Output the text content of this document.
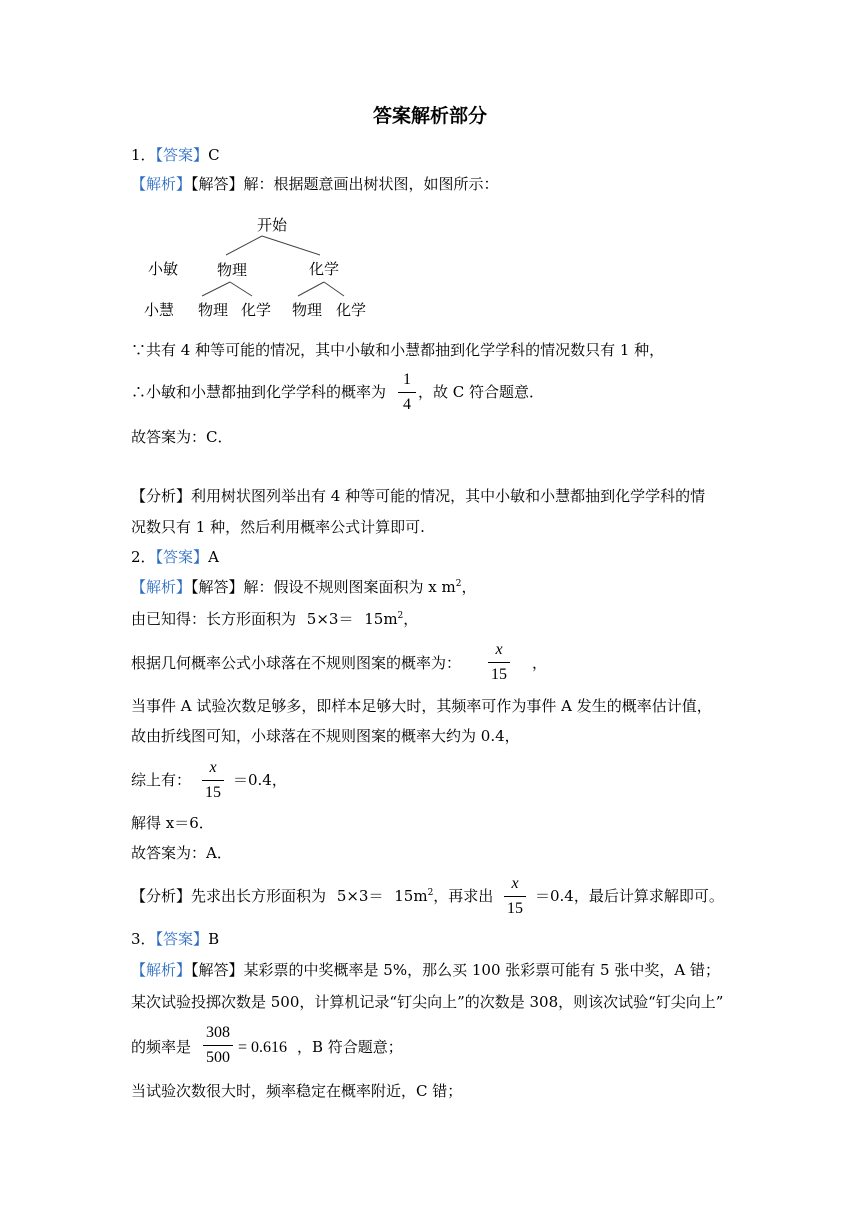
答案解析部分
1．【答案】C
【解析】【解答】解：根据题意画出树状图，如图所示：
开始
小敏	物理	化学
小慧 物理 化学 物理 化学
∵共有 4 种等可能的情况，其中小敏和小慧都抽到化学学科的情况数只有 1 种，
∴小敏和小慧都抽到化学学科的概率为
1
4
，故 C 符合题意．
故答案为：C．
【分析】利用树状图列举出有 4 种等可能的情况，其中小敏和小慧都抽到化学学科的情
况数只有 1 种，然后利用概率公式计算即可.
2．【答案】A
【解析】【解答】解：假设不规则图案面积为 x $m^2$，
由已知得：长方形面积为 $5\times 3= 15m^2$，
根据几何概率公式小球落在不规则图案的概率为：
x
15
，
当事件 A 试验次数足够多，即样本足够大时，其频率可作为事件 A 发生的概率估计值，
故由折线图可知，小球落在不规则图案的概率大约为 0.4，
综上有：
x
15
＝0.4，
解得 x＝6．
故答案为：A．
【分析】先求出长方形面积为 $5\times 3= 15m^2$，再求出
x
15
＝0.4，最后计算求解即可。
3．【答案】B
【解析】【解答】某彩票的中奖概率是 5%，那么买 100 张彩票可能有 5 张中奖，A 错；
某次试验投掷次数是 500，计算机记录“钉尖向上”的次数是 308，则该次试验“钉尖向上”
的频率是
308
500
= 0.616 ，B 符合题意；
当试验次数很大时，频率稳定在概率附近，C 错；
